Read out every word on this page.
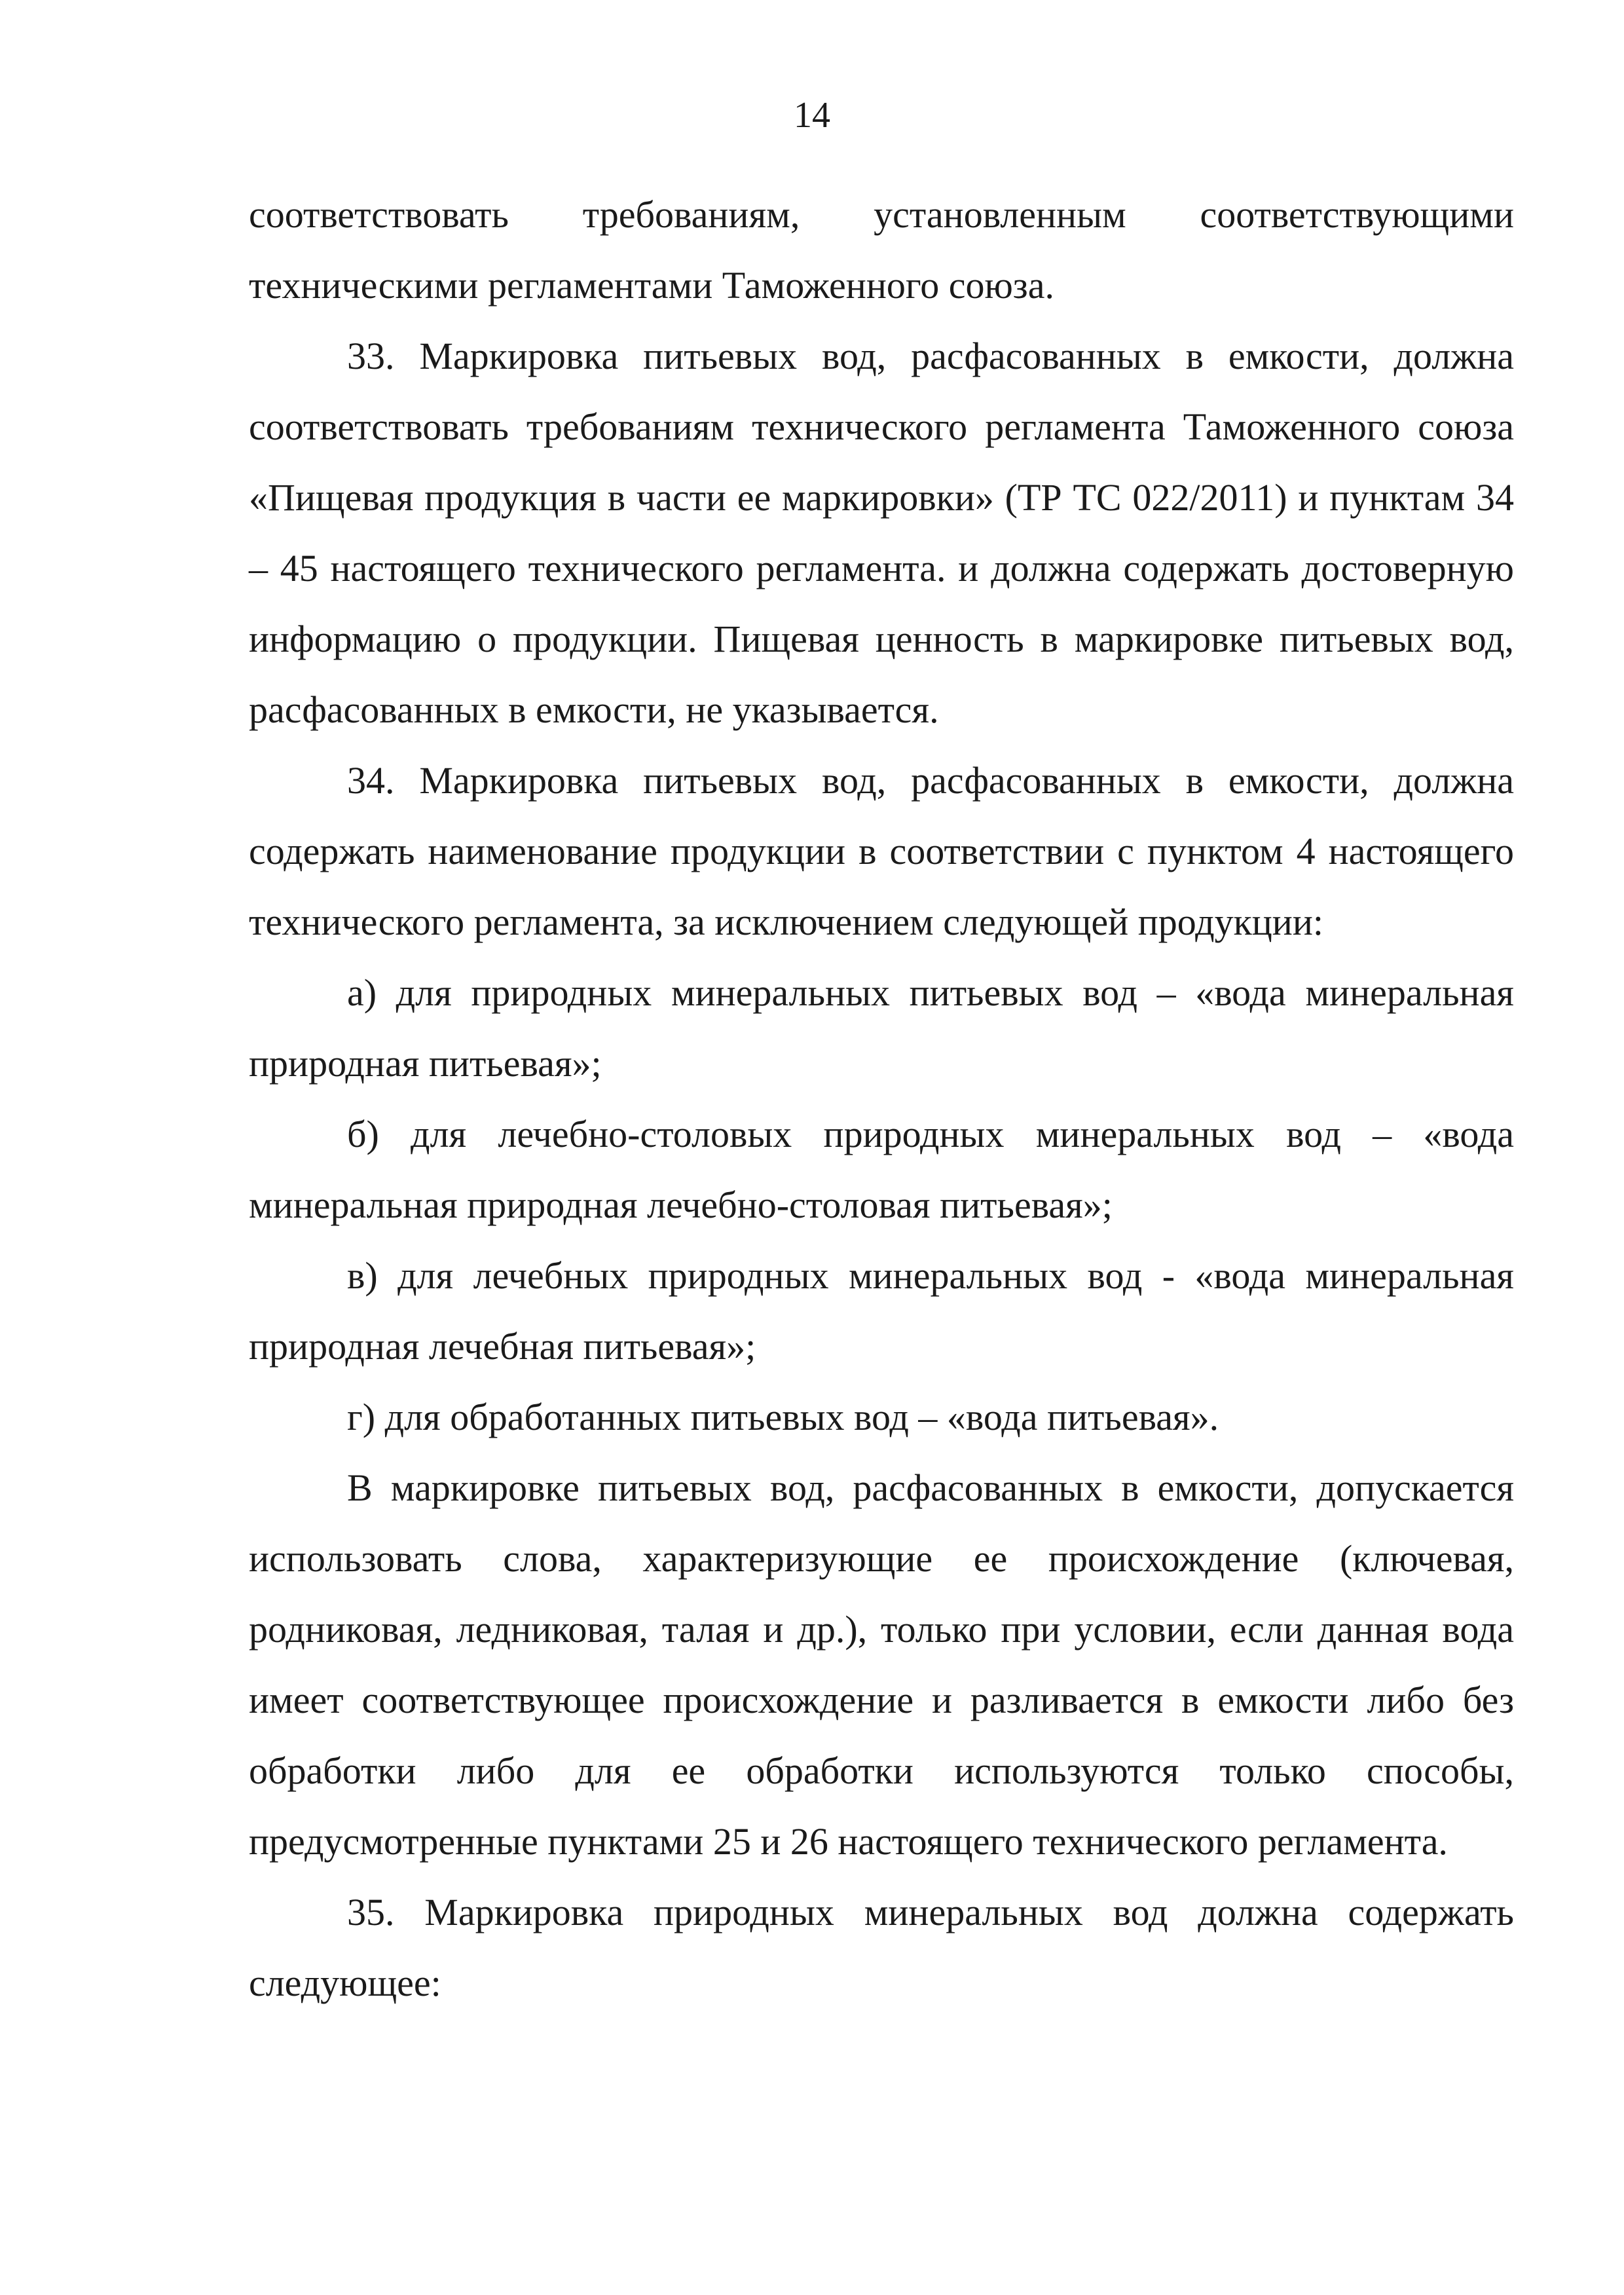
14

соответствовать требованиям, установленным соответствующими техническими регламентами Таможенного союза.

33. Маркировка питьевых вод, расфасованных в емкости, должна соответствовать требованиям технического регламента Таможенного союза «Пищевая продукция в части ее маркировки» (ТР ТС 022/2011) и пунктам 34 – 45 настоящего технического регламента. и должна содержать достоверную информацию о продукции. Пищевая ценность в маркировке питьевых вод, расфасованных в емкости, не указывается.

34. Маркировка питьевых вод, расфасованных в емкости, должна содержать наименование продукции в соответствии с пунктом 4 настоящего технического регламента, за исключением следующей продукции:

а) для природных минеральных питьевых вод – «вода минеральная природная питьевая»;

б) для лечебно-столовых природных минеральных вод – «вода минеральная природная лечебно-столовая питьевая»;

в) для лечебных природных минеральных вод - «вода минеральная природная лечебная питьевая»;

г) для обработанных питьевых вод – «вода питьевая».

В маркировке питьевых вод, расфасованных в емкости, допускается использовать слова, характеризующие ее происхождение (ключевая, родниковая, ледниковая, талая и др.), только при условии, если данная вода имеет соответствующее происхождение и разливается в емкости либо без обработки либо для ее обработки используются только способы, предусмотренные пунктами 25 и 26 настоящего технического регламента.

35. Маркировка природных минеральных вод должна содержать следующее:
